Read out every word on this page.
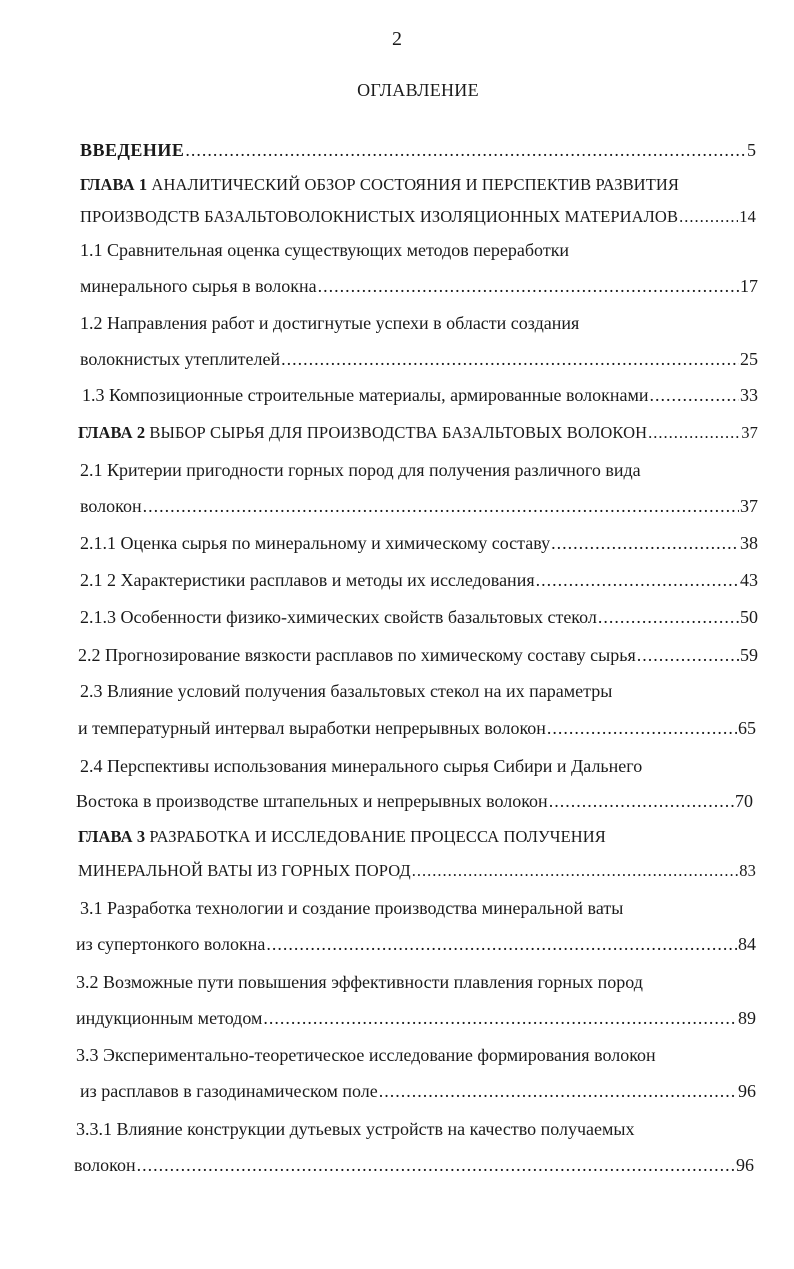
2
ОГЛАВЛЕНИЕ
ВВЕДЕНИЕ .....	5
ГЛАВА 1 АНАЛИТИЧЕСКИЙ ОБЗОР СОСТОЯНИЯ И ПЕРСПЕКТИВ РАЗВИТИЯ
ПРОИЗВОДСТВ БАЗАЛЬТОВОЛОКНИСТЫХ ИЗОЛЯЦИОННЫХ МАТЕРИАЛОВ .....	14
1.1 Сравнительная оценка существующих методов переработки
минерального сырья в волокна .....	17
1.2 Направления работ и достигнутые успехи в области создания
волокнистых утеплителей .....	25
1.3 Композиционные строительные материалы, армированные волокнами .....	33
ГЛАВА 2 ВЫБОР СЫРЬЯ ДЛЯ ПРОИЗВОДСТВА БАЗАЛЬТОВЫХ ВОЛОКОН .....	37
2.1 Критерии пригодности горных пород для получения различного вида
волокон .....	37
2.1.1 Оценка сырья по минеральному и химическому составу .....	38
2.1 2 Характеристики расплавов и методы их исследования .....	43
2.1.3 Особенности физико-химических свойств базальтовых стекол .....	50
2.2 Прогнозирование вязкости расплавов по химическому составу сырья .....	59
2.3 Влияние условий получения базальтовых стекол на их параметры
и температурный интервал выработки непрерывных волокон .....	65
2.4 Перспективы использования минерального сырья Сибири и Дальнего
Востока в производстве штапельных и непрерывных волокон .....	70
ГЛАВА 3 РАЗРАБОТКА И ИССЛЕДОВАНИЕ ПРОЦЕССА ПОЛУЧЕНИЯ
МИНЕРАЛЬНОЙ ВАТЫ ИЗ ГОРНЫХ ПОРОД .....	83
3.1 Разработка технологии и создание производства минеральной ваты
из супертонкого волокна .....	84
3.2 Возможные пути повышения эффективности плавления горных пород
индукционным методом .....	89
3.3 Экспериментально-теоретическое исследование формирования волокон
из расплавов в газодинамическом поле .....	96
3.3.1 Влияние конструкции дутьевых устройств на качество получаемых
волокон .....	96
